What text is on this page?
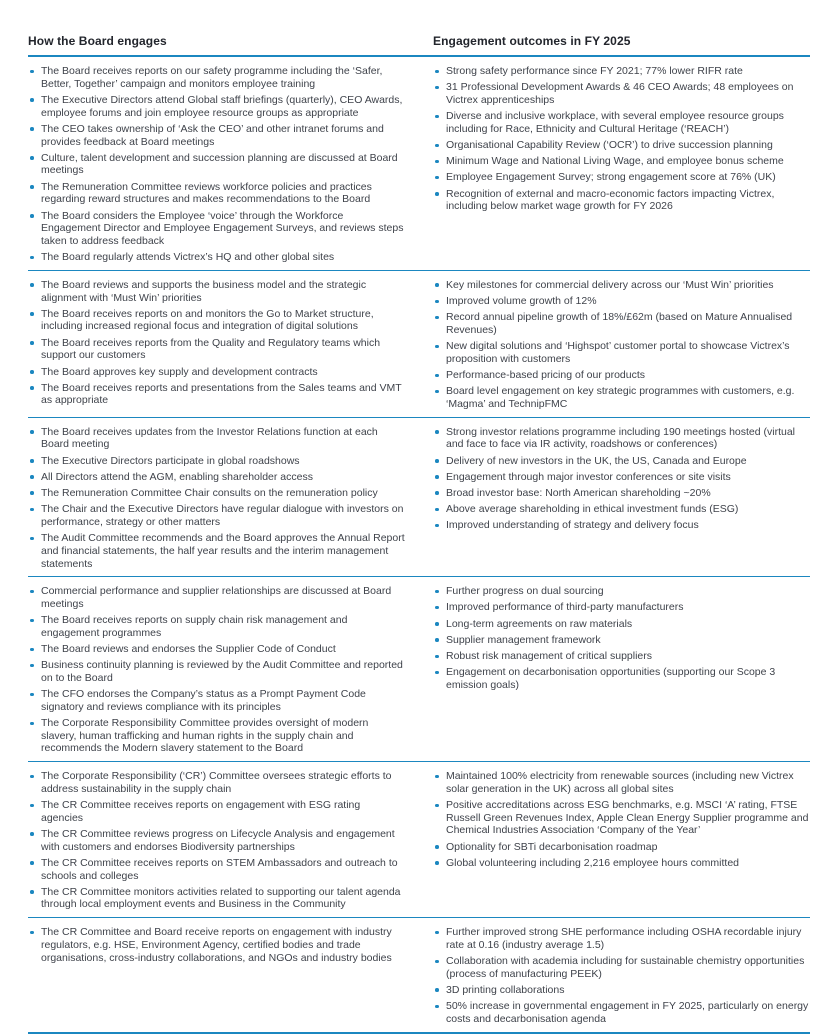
How the Board engages	Engagement outcomes in FY 2025
The Board receives reports on our safety programme including the ‘Safer, Better, Together’ campaign and monitors employee training
The Executive Directors attend Global staff briefings (quarterly), CEO Awards, employee forums and join employee resource groups as appropriate
The CEO takes ownership of ‘Ask the CEO’ and other intranet forums and provides feedback at Board meetings
Culture, talent development and succession planning are discussed at Board meetings
The Remuneration Committee reviews workforce policies and practices regarding reward structures and makes recommendations to the Board
The Board considers the Employee ‘voice’ through the Workforce Engagement Director and Employee Engagement Surveys, and reviews steps taken to address feedback
The Board regularly attends Victrex’s HQ and other global sites
Strong safety performance since FY 2021; 77% lower RIFR rate
31 Professional Development Awards & 46 CEO Awards; 48 employees on Victrex apprenticeships
Diverse and inclusive workplace, with several employee resource groups including for Race, Ethnicity and Cultural Heritage (‘REACH’)
Organisational Capability Review (‘OCR’) to drive succession planning
Minimum Wage and National Living Wage, and employee bonus scheme
Employee Engagement Survey; strong engagement score at 76% (UK)
Recognition of external and macro-economic factors impacting Victrex, including below market wage growth for FY 2026
The Board reviews and supports the business model and the strategic alignment with ‘Must Win’ priorities
The Board receives reports on and monitors the Go to Market structure, including increased regional focus and integration of digital solutions
The Board receives reports from the Quality and Regulatory teams which support our customers
The Board approves key supply and development contracts
The Board receives reports and presentations from the Sales teams and VMT as appropriate
Key milestones for commercial delivery across our ‘Must Win’ priorities
Improved volume growth of 12%
Record annual pipeline growth of 18%/£62m (based on Mature Annualised Revenues)
New digital solutions and ‘Highspot’ customer portal to showcase Victrex’s proposition with customers
Performance-based pricing of our products
Board level engagement on key strategic programmes with customers, e.g. ‘Magma’ and TechnipFMC
The Board receives updates from the Investor Relations function at each Board meeting
The Executive Directors participate in global roadshows
All Directors attend the AGM, enabling shareholder access
The Remuneration Committee Chair consults on the remuneration policy
The Chair and the Executive Directors have regular dialogue with investors on performance, strategy or other matters
The Audit Committee recommends and the Board approves the Annual Report and financial statements, the half year results and the interim management statements
Strong investor relations programme including 190 meetings hosted (virtual and face to face via IR activity, roadshows or conferences)
Delivery of new investors in the UK, the US, Canada and Europe
Engagement through major investor conferences or site visits
Broad investor base: North American shareholding ~20%
Above average shareholding in ethical investment funds (ESG)
Improved understanding of strategy and delivery focus
Commercial performance and supplier relationships are discussed at Board meetings
The Board receives reports on supply chain risk management and engagement programmes
The Board reviews and endorses the Supplier Code of Conduct
Business continuity planning is reviewed by the Audit Committee and reported on to the Board
The CFO endorses the Company’s status as a Prompt Payment Code signatory and reviews compliance with its principles
The Corporate Responsibility Committee provides oversight of modern slavery, human trafficking and human rights in the supply chain and recommends the Modern slavery statement to the Board
Further progress on dual sourcing
Improved performance of third-party manufacturers
Long-term agreements on raw materials
Supplier management framework
Robust risk management of critical suppliers
Engagement on decarbonisation opportunities (supporting our Scope 3 emission goals)
The Corporate Responsibility (‘CR’) Committee oversees strategic efforts to address sustainability in the supply chain
The CR Committee receives reports on engagement with ESG rating agencies
The CR Committee reviews progress on Lifecycle Analysis and engagement with customers and endorses Biodiversity partnerships
The CR Committee receives reports on STEM Ambassadors and outreach to schools and colleges
The CR Committee monitors activities related to supporting our talent agenda through local employment events and Business in the Community
Maintained 100% electricity from renewable sources (including new Victrex solar generation in the UK) across all global sites
Positive accreditations across ESG benchmarks, e.g. MSCI ‘A’ rating, FTSE Russell Green Revenues Index, Apple Clean Energy Supplier programme and Chemical Industries Association ‘Company of the Year’
Optionality for SBTi decarbonisation roadmap
Global volunteering including 2,216 employee hours committed
The CR Committee and Board receive reports on engagement with industry regulators, e.g. HSE, Environment Agency, certified bodies and trade organisations, cross-industry collaborations, and NGOs and industry bodies
Further improved strong SHE performance including OSHA recordable injury rate at 0.16 (industry average 1.5)
Collaboration with academia including for sustainable chemistry opportunities (process of manufacturing PEEK)
3D printing collaborations
50% increase in governmental engagement in FY 2025, particularly on energy costs and decarbonisation agenda
